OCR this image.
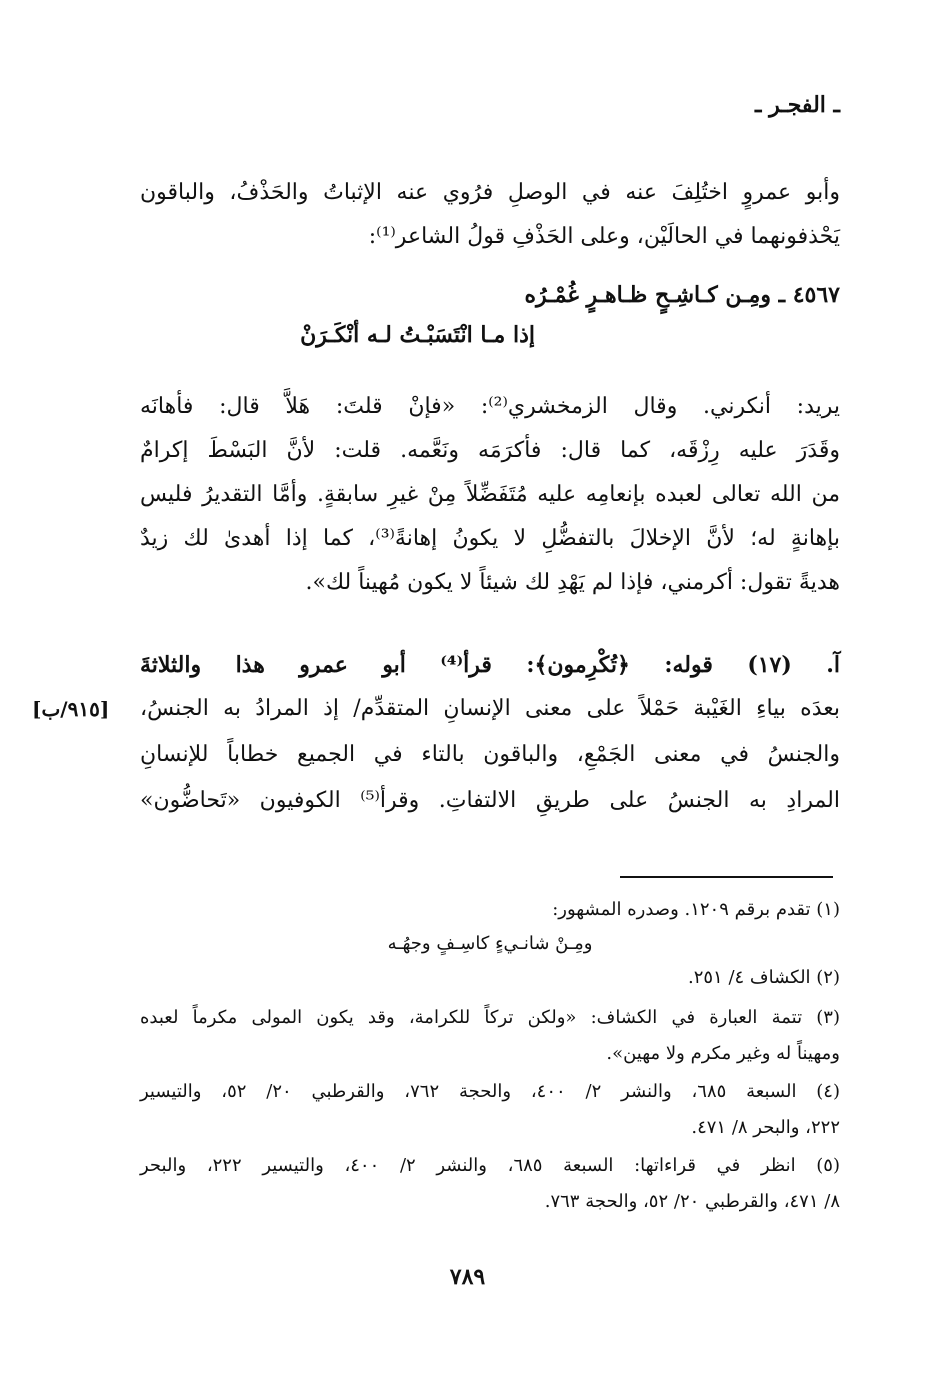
ـ الفجـر ـ
وأبو عمروٍ اختُلِفَ عنه في الوصلِ فرُوي عنه الإثباتُ والحَذْفُ، والباقون
يَحْذفونهما في الحالَيْن، وعلى الحَذْفِ قولُ الشاعر⁽¹⁾:
٤٥٦٧ ـ ومِـن كـاشِـحٍ ظـاهـرٍ غُمْـرُه
إذا مـا انْتَسَبْـتُ لـه أنْكَـرَنْ
يريد: أنكرني. وقال الزمخشري⁽²⁾: «فإنْ قلتَ: هَلاَّ قال: فأهانَه
وقَدَرَ عليه رِزْقَه، كما قال: فأكرَمَه ونَعَّمه. قلت: لأنَّ البَسْطَ إكرامٌ
من الله تعالى لعبده بإنعامِه عليه مُتَفَضِّلاً مِنْ غيرِ سابقةٍ. وأمَّا التقديرُ فليس
بإهانةٍ له؛ لأنَّ الإخلالَ بالتفضُّلِ لا يكونُ إهانةً⁽³⁾، كما إذا أهدىٰ لك زيدٌ
هديةً تقول: أكرمني، فإذا لم يَهْدِ لك شيئاً لا يكون مُهيناً لك».
آ. (١٧) قوله: ﴿تُكْرِمون﴾: قرأ⁽⁴⁾ أبو عمرو هذا والثلاثةَ
بعدَه بياءِ الغَيْبة حَمْلاً على معنى الإنسانِ المتقدِّم/ إذ المرادُ به الجنسُ،
[٩١٥/ب]
والجنسُ في معنى الجَمْعِ، والباقون بالتاء في الجميع خطاباً للإنسانِ
المرادِ به الجنسُ على طريقِ الالتفاتِ. وقرأ⁽⁵⁾ الكوفيون «تَحاضُّون»
(١) تقدم برقم ١٢٠٩. وصدره المشهور:
ومِـنْ شانـيءٍ كاسِـفٍ وجهُـه
(٢) الكشاف ٤/ ٢٥١.
(٣) تتمة العبارة في الكشاف: «ولكن تركاً للكرامة، وقد يكون المولى مكرماً لعبده
ومهيناً له وغير مكرم ولا مهين».
(٤) السبعة ٦٨٥، والنشر ٢/ ٤٠٠، والحجة ٧٦٢، والقرطبي ٢٠/ ٥٢، والتيسير
٢٢٢، والبحر ٨/ ٤٧١.
(٥) انظر في قراءاتها: السبعة ٦٨٥، والنشر ٢/ ٤٠٠، والتيسير ٢٢٢، والبحر
٨/ ٤٧١، والقرطبي ٢٠/ ٥٢، والحجة ٧٦٣.
٧٨٩
